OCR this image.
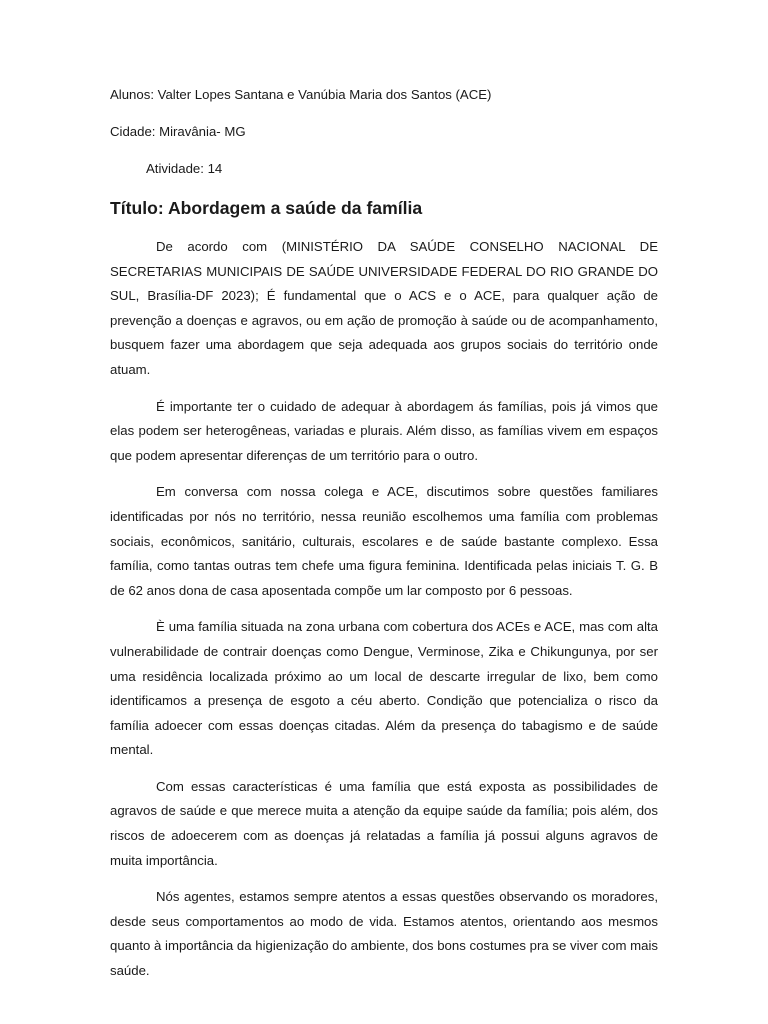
Alunos: Valter Lopes Santana e Vanúbia Maria dos Santos (ACE)

Cidade: Miravânia- MG

Atividade: 14

Título: Abordagem a saúde da família

De acordo com (MINISTÉRIO DA SAÚDE CONSELHO NACIONAL DE SECRETARIAS MUNICIPAIS DE SAÚDE UNIVERSIDADE FEDERAL DO RIO GRANDE DO SUL, Brasília-DF 2023); É fundamental que o ACS e o ACE, para qualquer ação de prevenção a doenças e agravos, ou em ação de promoção à saúde ou de acompanhamento, busquem fazer uma abordagem que seja adequada aos grupos sociais do território onde atuam.

É importante ter o cuidado de adequar à abordagem ás famílias, pois já vimos que elas podem ser heterogêneas, variadas e plurais. Além disso, as famílias vivem em espaços que podem apresentar diferenças de um território para o outro.

Em conversa com nossa colega e ACE, discutimos sobre questões familiares identificadas por nós no território, nessa reunião escolhemos uma família com problemas sociais, econômicos, sanitário, culturais, escolares e de saúde bastante complexo. Essa família, como tantas outras tem chefe uma figura feminina. Identificada pelas iniciais T. G. B de 62 anos dona de casa aposentada compõe um lar composto por 6 pessoas.

È uma família situada na zona urbana com cobertura dos ACEs e ACE, mas com alta vulnerabilidade de contrair doenças como Dengue, Verminose, Zika e Chikungunya, por ser uma residência localizada próximo ao um local de descarte irregular de lixo, bem como identificamos a presença de esgoto a céu aberto. Condição que potencializa o risco da família adoecer com essas doenças citadas. Além da presença do tabagismo e de saúde mental.

Com essas características é uma família que está exposta as possibilidades de agravos de saúde e que merece muita a atenção da equipe saúde da família; pois além, dos riscos de adoecerem com as doenças já relatadas a família já possui alguns agravos de muita importância.

Nós agentes, estamos sempre atentos a essas questões observando os moradores, desde seus comportamentos ao modo de vida. Estamos atentos, orientando aos mesmos quanto à importância da higienização do ambiente, dos bons costumes pra se viver com mais saúde.
